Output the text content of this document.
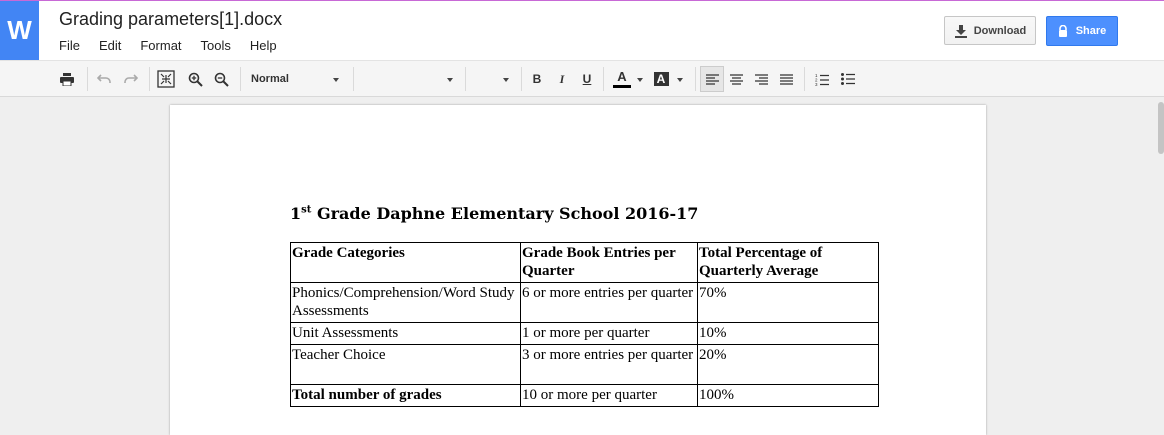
W	Grading parameters[1].docx
File Edit Format Tools Help
Download	Share
Normal	B I U A A	1
2
3
1st Grade Daphne Elementary School 2016-17
Grade Categories	Grade Book Entries per Quarter	Total Percentage of Quarterly Average
Phonics/Comprehension/Word Study Assessments	6 or more entries per quarter	70%
Unit Assessments	1 or more per quarter	10%
Teacher Choice	3 or more entries per quarter	20%
Total number of grades	10 or more per quarter	100%
